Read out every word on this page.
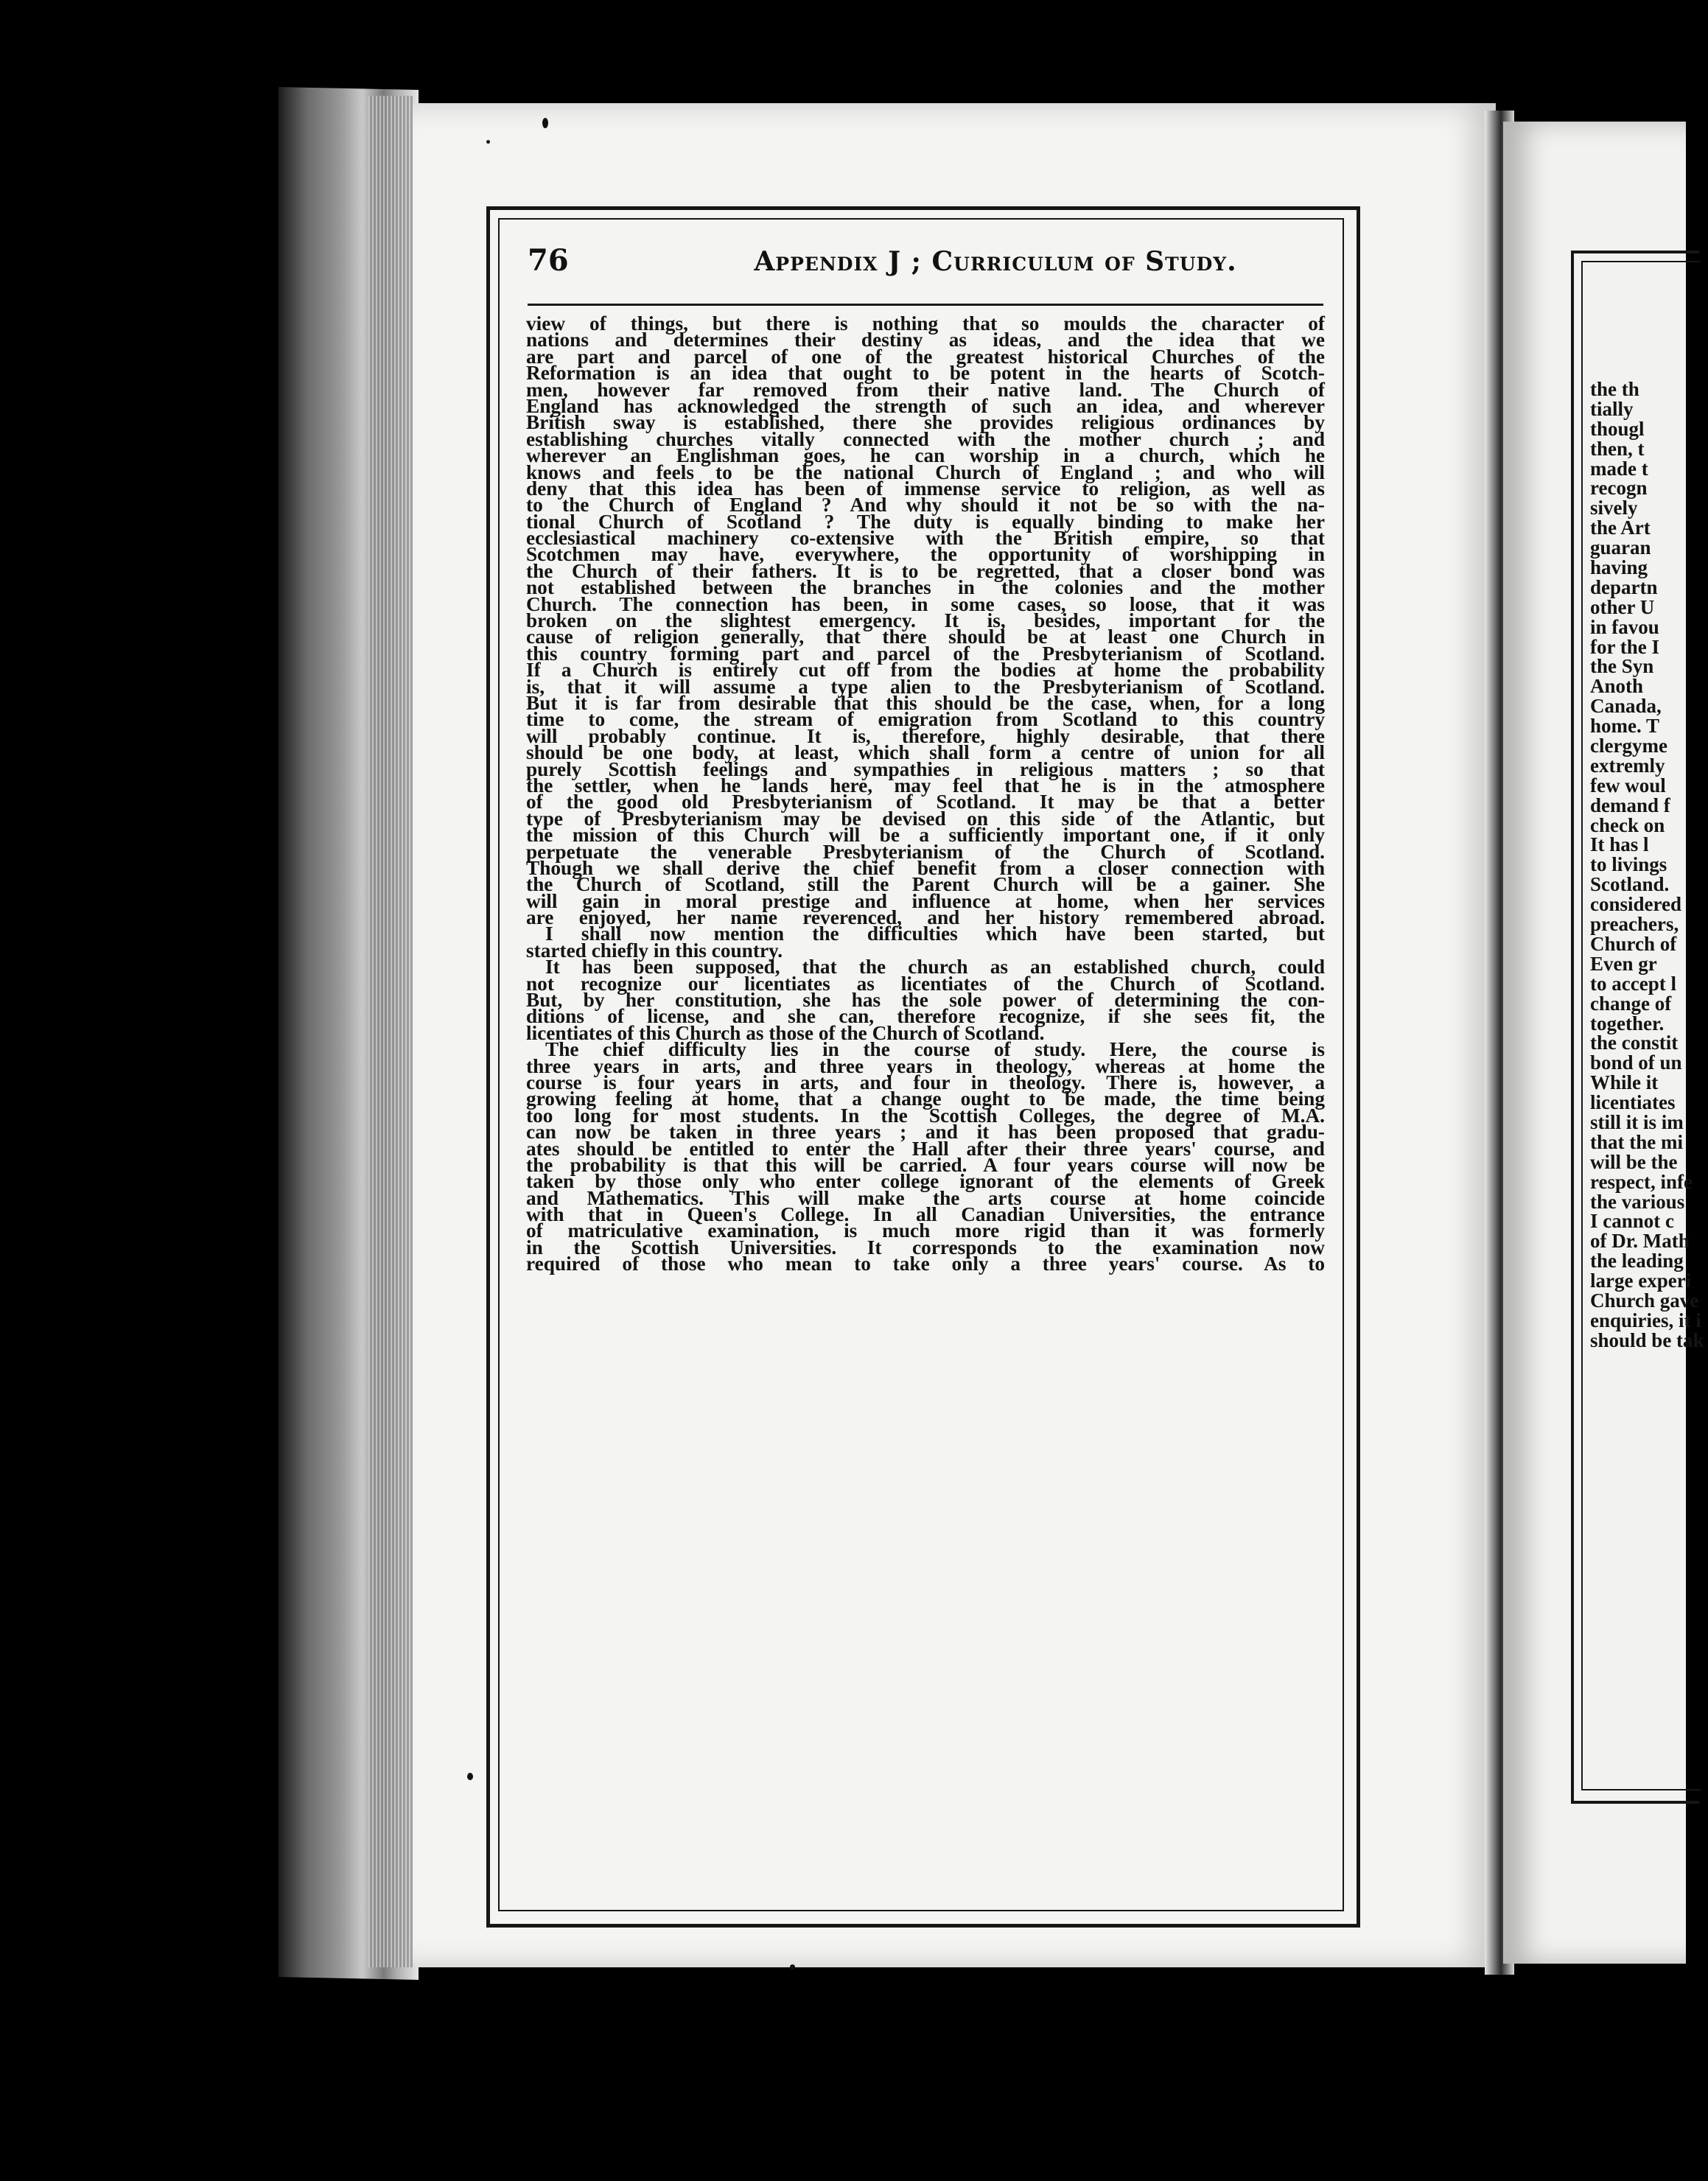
76	Appendix J ; Curriculum of Study.
view of things, but there is nothing that so moulds the character of
nations and determines their destiny as ideas, and the idea that we
are part and parcel of one of the greatest historical Churches of the
Reformation is an idea that ought to be potent in the hearts of Scotch-
men, however far removed from their native land. The Church of
England has acknowledged the strength of such an idea, and wherever
British sway is established, there she provides religious ordinances by
establishing churches vitally connected with the mother church ; and
wherever an Englishman goes, he can worship in a church, which he
knows and feels to be the national Church of England ; and who will
deny that this idea has been of immense service to religion, as well as
to the Church of England ? And why should it not be so with the na-
tional Church of Scotland ? The duty is equally binding to make her
ecclesiastical machinery co-extensive with the British empire, so that
Scotchmen may have, everywhere, the opportunity of worshipping in
the Church of their fathers. It is to be regretted, that a closer bond was
not established between the branches in the colonies and the mother
Church. The connection has been, in some cases, so loose, that it was
broken on the slightest emergency. It is, besides, important for the
cause of religion generally, that there should be at least one Church in
this country forming part and parcel of the Presbyterianism of Scotland.
If a Church is entirely cut off from the bodies at home the probability
is, that it will assume a type alien to the Presbyterianism of Scotland.
But it is far from desirable that this should be the case, when, for a long
time to come, the stream of emigration from Scotland to this country
will probably continue. It is, therefore, highly desirable, that there
should be one body, at least, which shall form a centre of union for all
purely Scottish feelings and sympathies in religious matters ; so that
the settler, when he lands here, may feel that he is in the atmosphere
of the good old Presbyterianism of Scotland. It may be that a better
type of Presbyterianism may be devised on this side of the Atlantic, but
the mission of this Church will be a sufficiently important one, if it only
perpetuate the venerable Presbyterianism of the Church of Scotland.
Though we shall derive the chief benefit from a closer connection with
the Church of Scotland, still the Parent Church will be a gainer. She
will gain in moral prestige and influence at home, when her services
are enjoyed, her name reverenced, and her history remembered abroad.
I shall now mention the difficulties which have been started, but
started chiefly in this country.
It has been supposed, that the church as an established church, could
not recognize our licentiates as licentiates of the Church of Scotland.
But, by her constitution, she has the sole power of determining the con-
ditions of license, and she can, therefore recognize, if she sees fit, the
licentiates of this Church as those of the Church of Scotland.
The chief difficulty lies in the course of study. Here, the course is
three years in arts, and three years in theology, whereas at home the
course is four years in arts, and four in theology. There is, however, a
growing feeling at home, that a change ought to be made, the time being
too long for most students. In the Scottish Colleges, the degree of M.A.
can now be taken in three years ; and it has been proposed that gradu-
ates should be entitled to enter the Hall after their three years' course, and
the probability is that this will be carried. A four years course will now be
taken by those only who enter college ignorant of the elements of Greek
and Mathematics. This will make the arts course at home coincide
with that in Queen's College. In all Canadian Universities, the entrance
of matriculative examination, is much more rigid than it was formerly
in the Scottish Universities. It corresponds to the examination now
required of those who mean to take only a three years' course. As to
the th
tially
thougl
then, t
made t
recogn
sively
the Art
guaran
having
departn
other U
in favou
for the I
the Syn
Anoth
Canada,
home. T
clergyme
extremly
few woul
demand f
check on
It has l
to livings
Scotland.
considered
preachers,
Church of
Even gr
to accept l
change of
together.
the constit
bond of un
While it
licentiates
still it is im
that the mi
will be the
respect, infe
the various
I cannot c
of Dr. Math
the leading
large experi
Church gave
enquiries, it i
should be tak
